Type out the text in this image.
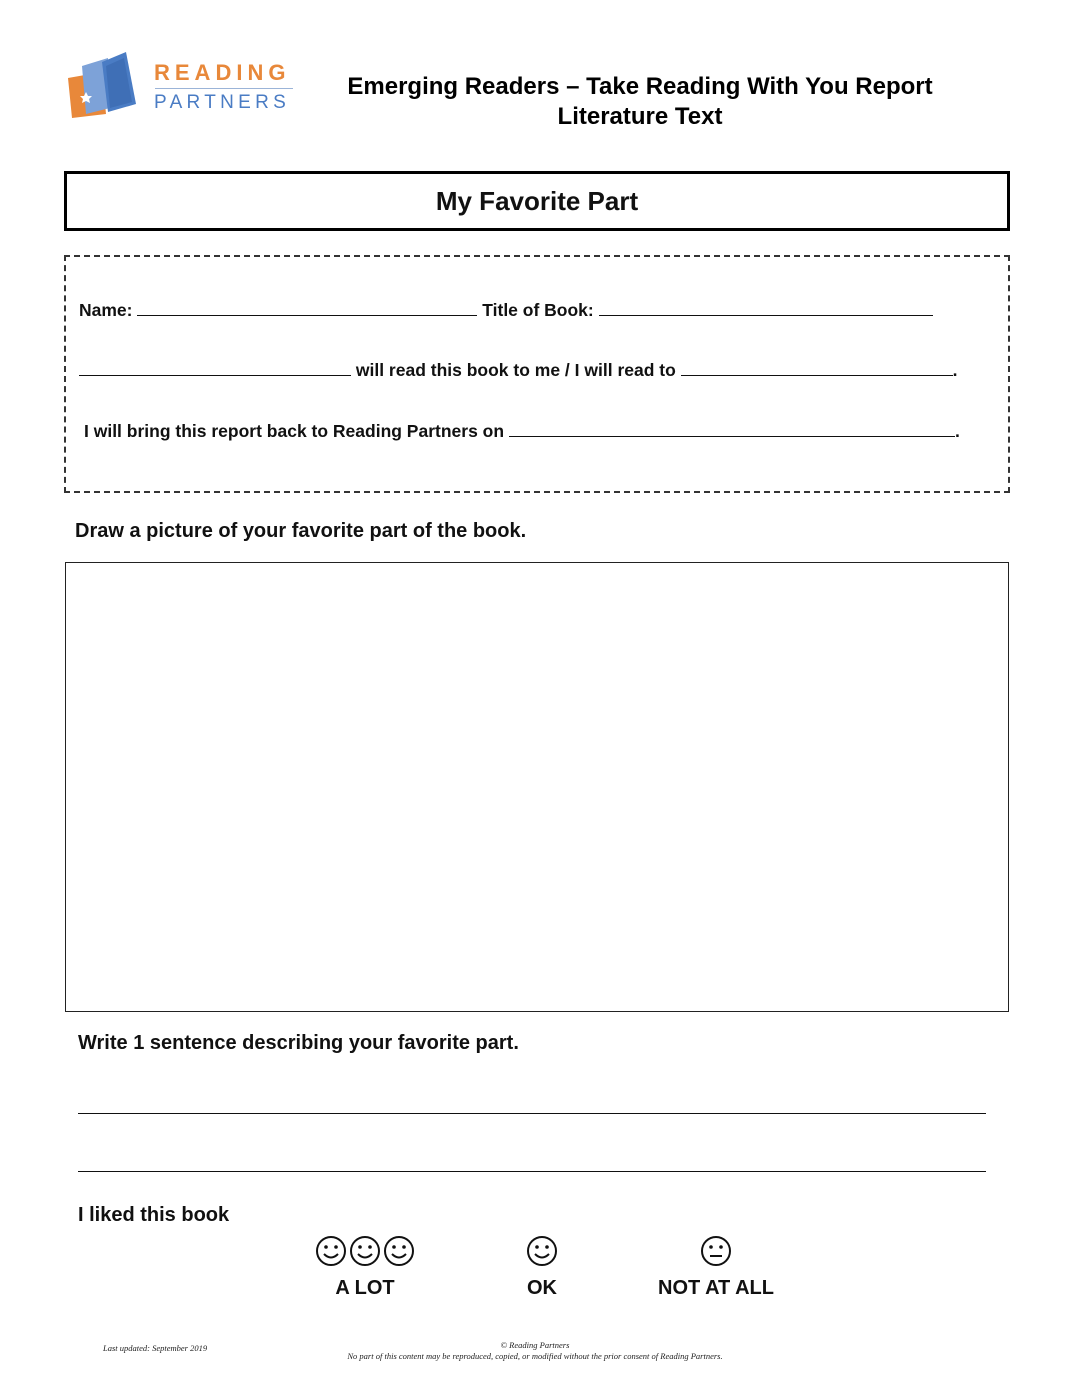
READING
PARTNERS
Emerging Readers – Take Reading With You Report
Literature Text
My Favorite Part
Name:	Title of Book:
will read this book to me / I will read to	.
I will bring this report back to Reading Partners on	.
Draw a picture of your favorite part of the book.
Write 1 sentence describing your favorite part.
I liked this book
A LOT	OK	NOT AT ALL
Last updated: September 2019	© Reading Partners
No part of this content may be reproduced, copied, or modified without the prior consent of Reading Partners.
